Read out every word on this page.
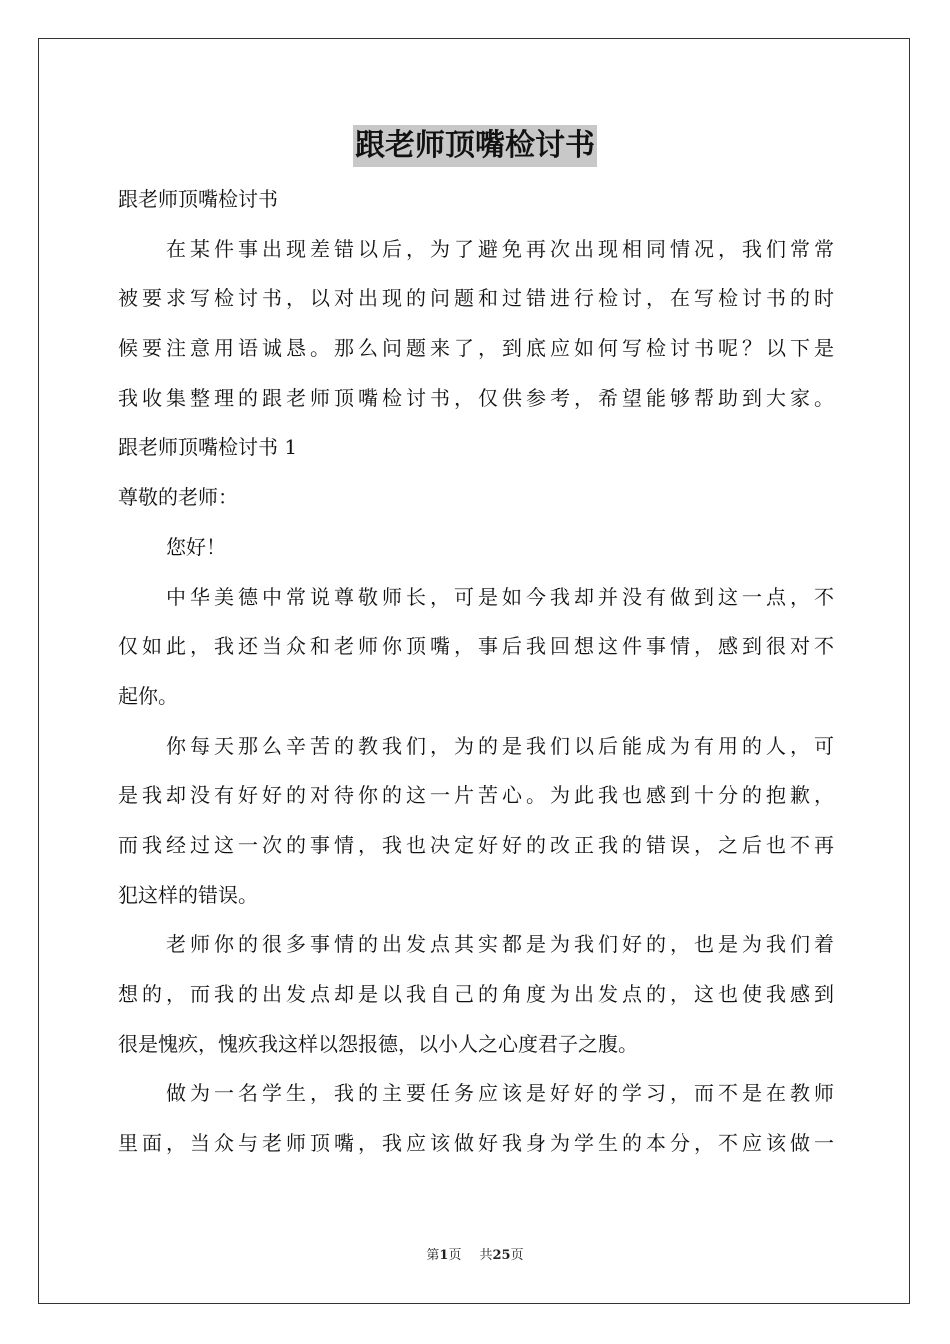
跟老师顶嘴检讨书
跟老师顶嘴检讨书
在某件事出现差错以后，为了避免再次出现相同情况，我们常常
被要求写检讨书，以对出现的问题和过错进行检讨，在写检讨书的时
候要注意用语诚恳。那么问题来了，到底应如何写检讨书呢？以下是
我收集整理的跟老师顶嘴检讨书，仅供参考，希望能够帮助到大家。
跟老师顶嘴检讨书 1
尊敬的老师：
您好！
中华美德中常说尊敬师长，可是如今我却并没有做到这一点，不
仅如此，我还当众和老师你顶嘴，事后我回想这件事情，感到很对不
起你。
你每天那么辛苦的教我们，为的是我们以后能成为有用的人，可
是我却没有好好的对待你的这一片苦心。为此我也感到十分的抱歉，
而我经过这一次的事情，我也决定好好的改正我的错误，之后也不再
犯这样的错误。
老师你的很多事情的出发点其实都是为我们好的，也是为我们着
想的，而我的出发点却是以我自己的角度为出发点的，这也使我感到
很是愧疚，愧疚我这样以怨报德，以小人之心度君子之腹。
做为一名学生，我的主要任务应该是好好的学习，而不是在教师
里面，当众与老师顶嘴，我应该做好我身为学生的本分，不应该做一
第1页 共25页
